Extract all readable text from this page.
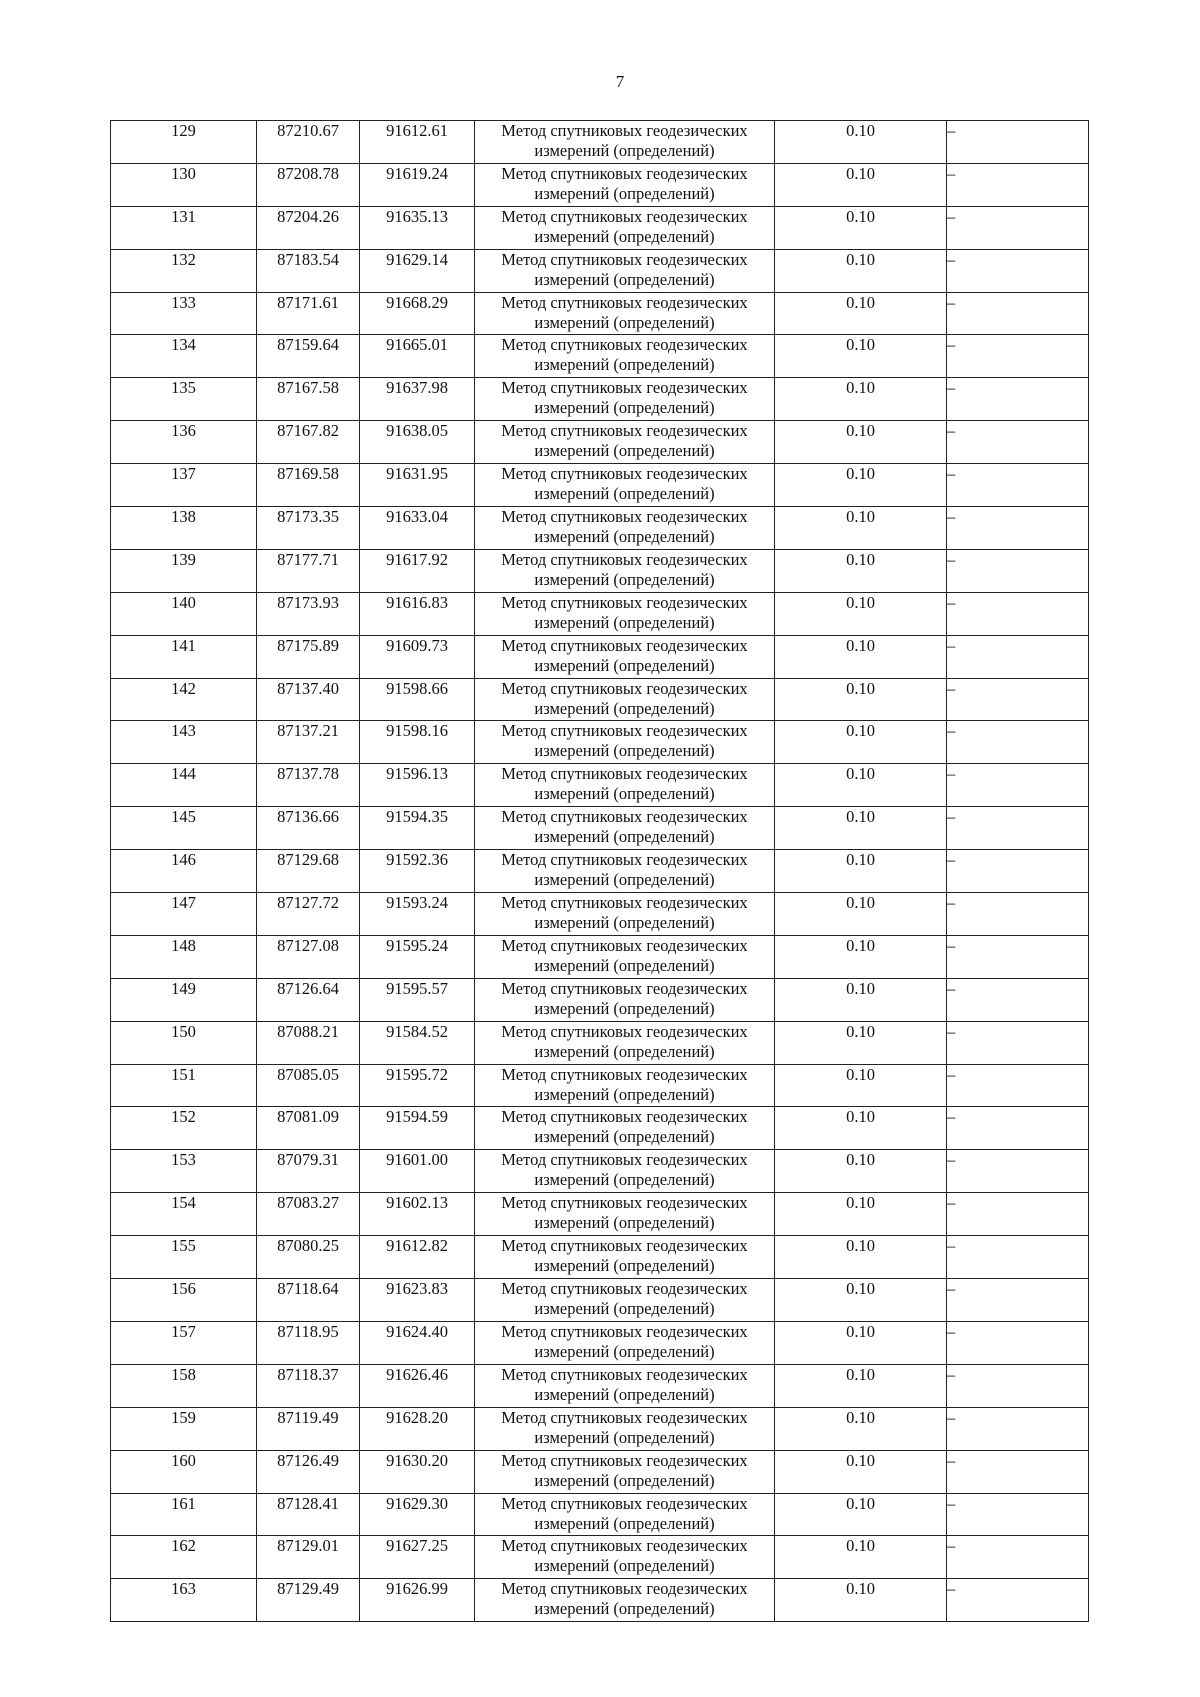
7
129	87210.67	91612.61	Метод спутниковых геодезических измерений (определений)	0.10	–
130	87208.78	91619.24	Метод спутниковых геодезических измерений (определений)	0.10	–
131	87204.26	91635.13	Метод спутниковых геодезических измерений (определений)	0.10	–
132	87183.54	91629.14	Метод спутниковых геодезических измерений (определений)	0.10	–
133	87171.61	91668.29	Метод спутниковых геодезических измерений (определений)	0.10	–
134	87159.64	91665.01	Метод спутниковых геодезических измерений (определений)	0.10	–
135	87167.58	91637.98	Метод спутниковых геодезических измерений (определений)	0.10	–
136	87167.82	91638.05	Метод спутниковых геодезических измерений (определений)	0.10	–
137	87169.58	91631.95	Метод спутниковых геодезических измерений (определений)	0.10	–
138	87173.35	91633.04	Метод спутниковых геодезических измерений (определений)	0.10	–
139	87177.71	91617.92	Метод спутниковых геодезических измерений (определений)	0.10	–
140	87173.93	91616.83	Метод спутниковых геодезических измерений (определений)	0.10	–
141	87175.89	91609.73	Метод спутниковых геодезических измерений (определений)	0.10	–
142	87137.40	91598.66	Метод спутниковых геодезических измерений (определений)	0.10	–
143	87137.21	91598.16	Метод спутниковых геодезических измерений (определений)	0.10	–
144	87137.78	91596.13	Метод спутниковых геодезических измерений (определений)	0.10	–
145	87136.66	91594.35	Метод спутниковых геодезических измерений (определений)	0.10	–
146	87129.68	91592.36	Метод спутниковых геодезических измерений (определений)	0.10	–
147	87127.72	91593.24	Метод спутниковых геодезических измерений (определений)	0.10	–
148	87127.08	91595.24	Метод спутниковых геодезических измерений (определений)	0.10	–
149	87126.64	91595.57	Метод спутниковых геодезических измерений (определений)	0.10	–
150	87088.21	91584.52	Метод спутниковых геодезических измерений (определений)	0.10	–
151	87085.05	91595.72	Метод спутниковых геодезических измерений (определений)	0.10	–
152	87081.09	91594.59	Метод спутниковых геодезических измерений (определений)	0.10	–
153	87079.31	91601.00	Метод спутниковых геодезических измерений (определений)	0.10	–
154	87083.27	91602.13	Метод спутниковых геодезических измерений (определений)	0.10	–
155	87080.25	91612.82	Метод спутниковых геодезических измерений (определений)	0.10	–
156	87118.64	91623.83	Метод спутниковых геодезических измерений (определений)	0.10	–
157	87118.95	91624.40	Метод спутниковых геодезических измерений (определений)	0.10	–
158	87118.37	91626.46	Метод спутниковых геодезических измерений (определений)	0.10	–
159	87119.49	91628.20	Метод спутниковых геодезических измерений (определений)	0.10	–
160	87126.49	91630.20	Метод спутниковых геодезических измерений (определений)	0.10	–
161	87128.41	91629.30	Метод спутниковых геодезических измерений (определений)	0.10	–
162	87129.01	91627.25	Метод спутниковых геодезических измерений (определений)	0.10	–
163	87129.49	91626.99	Метод спутниковых геодезических измерений (определений)	0.10	–
